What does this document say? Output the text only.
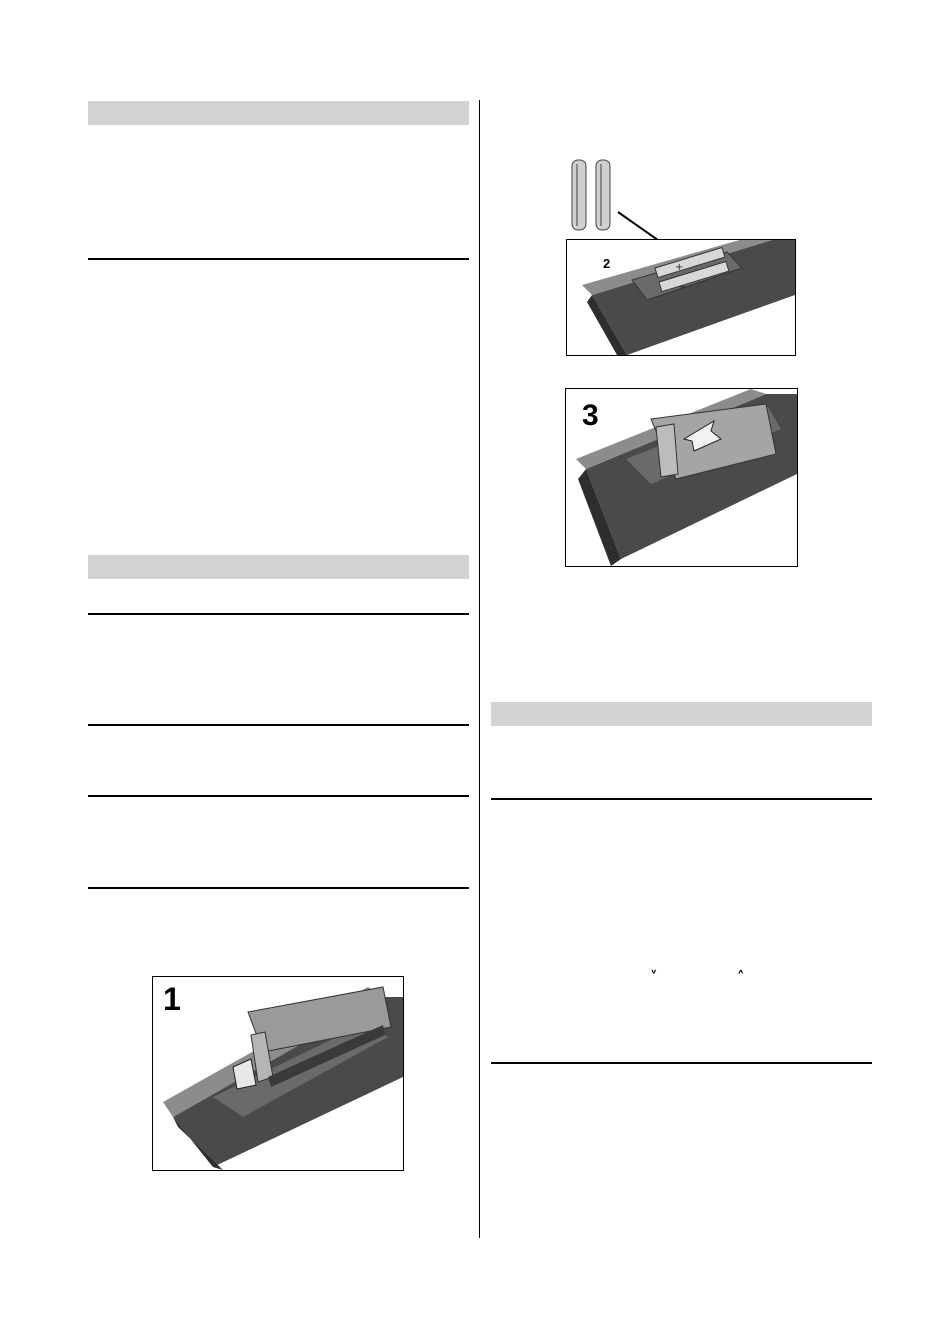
1
+
−
2
3
˅	˄
